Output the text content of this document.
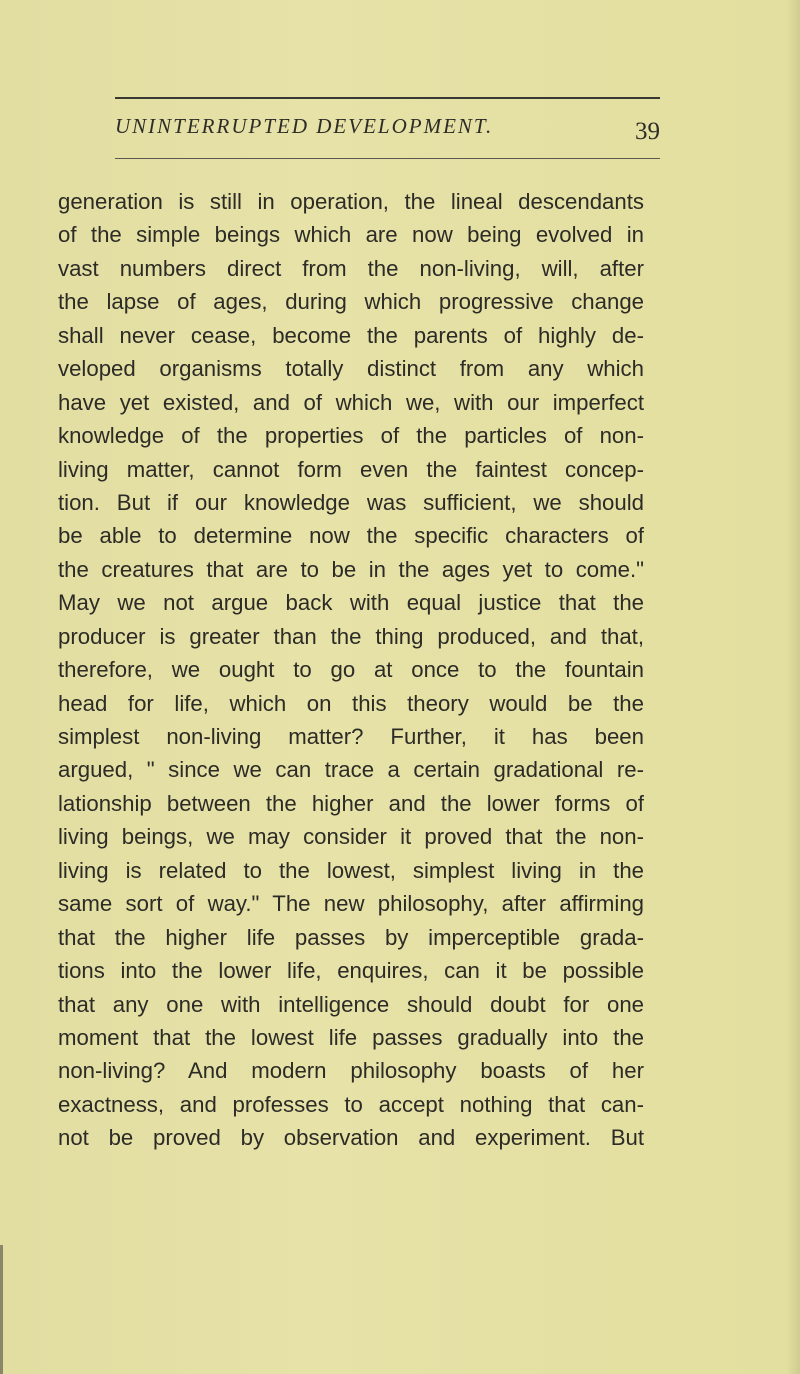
UNINTERRUPTED DEVELOPMENT.	39
generation is still in operation, the lineal descendants
of the simple beings which are now being evolved in
vast numbers direct from the non-living, will, after
the lapse of ages, during which progressive change
shall never cease, become the parents of highly de-
veloped organisms totally distinct from any which
have yet existed, and of which we, with our imperfect
knowledge of the properties of the particles of non-
living matter, cannot form even the faintest concep-
tion. But if our knowledge was sufficient, we should
be able to determine now the specific characters of
the creatures that are to be in the ages yet to come."
May we not argue back with equal justice that the
producer is greater than the thing produced, and that,
therefore, we ought to go at once to the fountain
head for life, which on this theory would be the
simplest non-living matter? Further, it has been
argued, " since we can trace a certain gradational re-
lationship between the higher and the lower forms of
living beings, we may consider it proved that the non-
living is related to the lowest, simplest living in the
same sort of way." The new philosophy, after affirming
that the higher life passes by imperceptible grada-
tions into the lower life, enquires, can it be possible
that any one with intelligence should doubt for one
moment that the lowest life passes gradually into the
non-living? And modern philosophy boasts of her
exactness, and professes to accept nothing that can-
not be proved by observation and experiment. But
